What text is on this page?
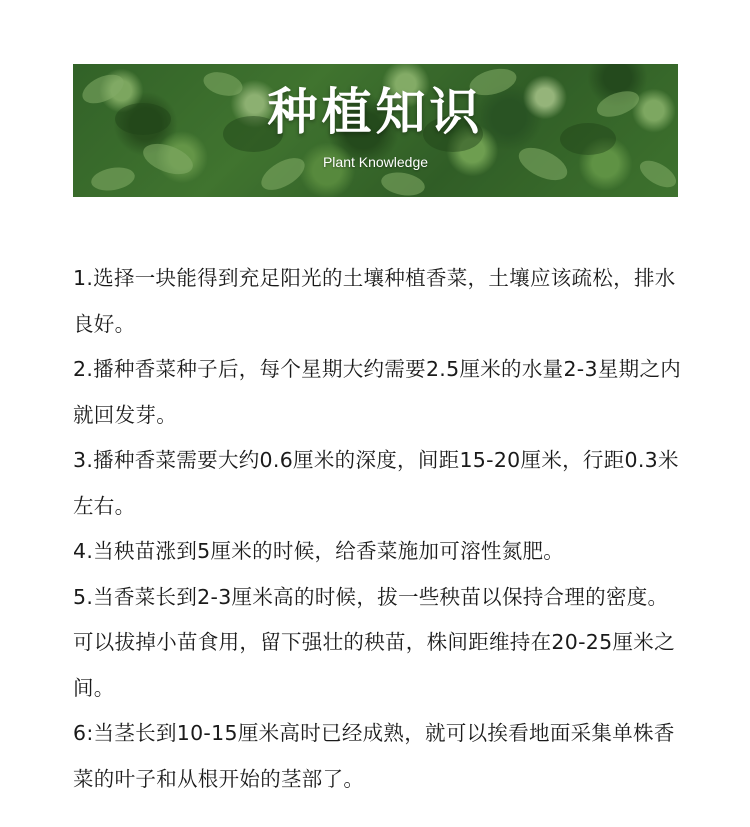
种植知识
Plant Knowledge

1.选择一块能得到充足阳光的土壤种植香菜，土壤应该疏松，排水良好。

2.播种香菜种子后，每个星期大约需要2.5厘米的水量2-3星期之内就回发芽。

3.播种香菜需要大约0.6厘米的深度，间距15-20厘米，行距0.3米左右。

4.当秧苗涨到5厘米的时候，给香菜施加可溶性氮肥。

5.当香菜长到2-3厘米高的时候，拔一些秧苗以保持合理的密度。可以拔掉小苗食用，留下强壮的秧苗，株间距维持在20-25厘米之间。

6:当茎长到10-15厘米高时已经成熟，就可以挨看地面采集单株香菜的叶子和从根开始的茎部了。
